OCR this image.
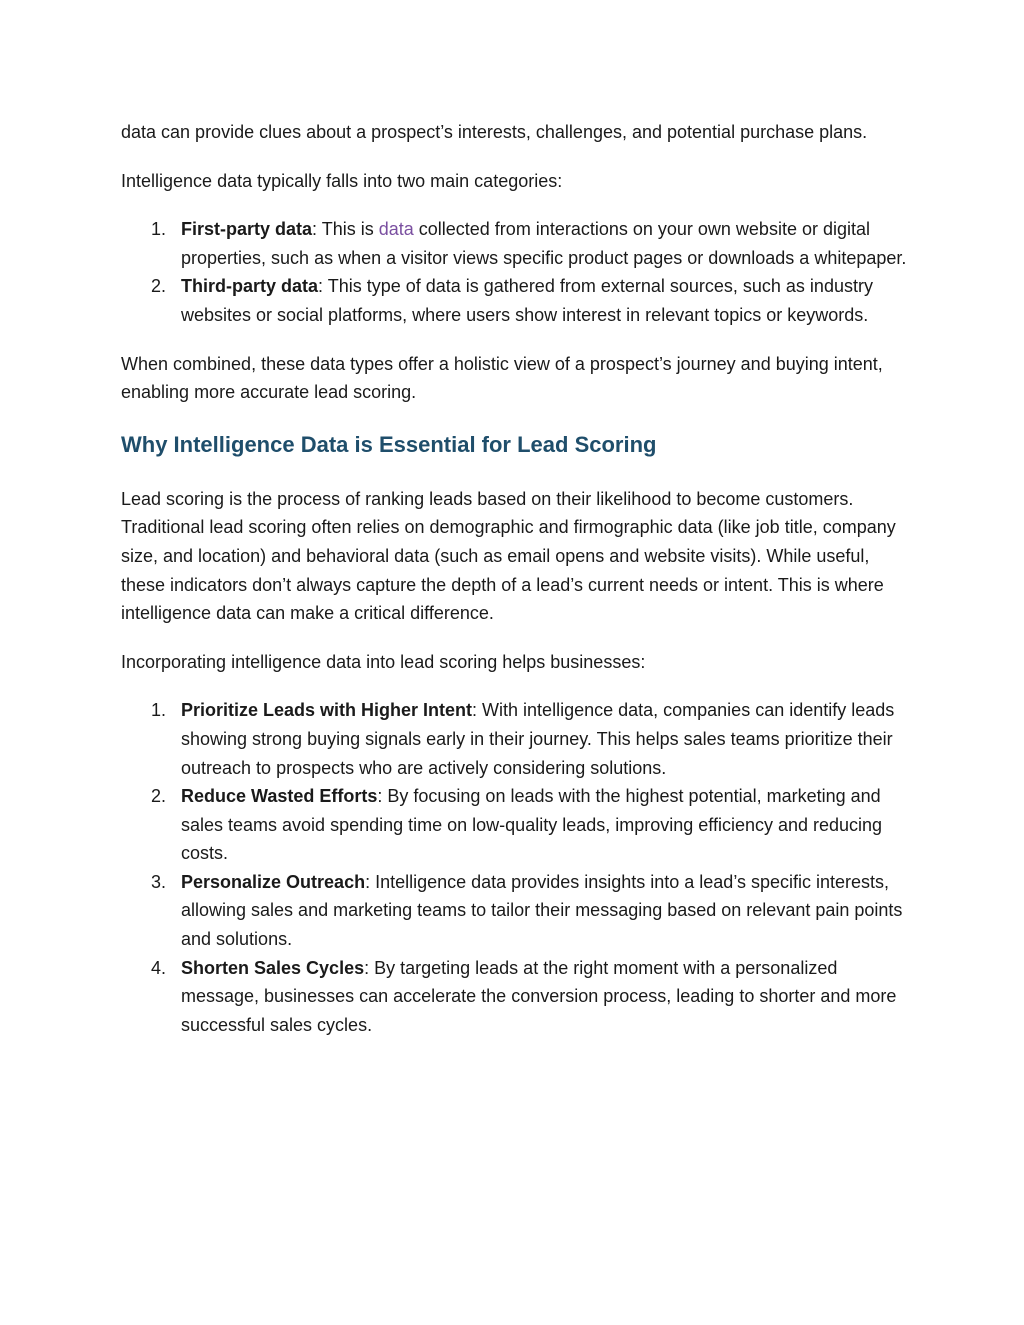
data can provide clues about a prospect’s interests, challenges, and potential purchase plans.

Intelligence data typically falls into two main categories:

1. First-party data: This is data collected from interactions on your own website or digital properties, such as when a visitor views specific product pages or downloads a whitepaper.
2. Third-party data: This type of data is gathered from external sources, such as industry websites or social platforms, where users show interest in relevant topics or keywords.

When combined, these data types offer a holistic view of a prospect’s journey and buying intent, enabling more accurate lead scoring.

Why Intelligence Data is Essential for Lead Scoring

Lead scoring is the process of ranking leads based on their likelihood to become customers. Traditional lead scoring often relies on demographic and firmographic data (like job title, company size, and location) and behavioral data (such as email opens and website visits). While useful, these indicators don’t always capture the depth of a lead’s current needs or intent. This is where intelligence data can make a critical difference.

Incorporating intelligence data into lead scoring helps businesses:

1. Prioritize Leads with Higher Intent: With intelligence data, companies can identify leads showing strong buying signals early in their journey. This helps sales teams prioritize their outreach to prospects who are actively considering solutions.
2. Reduce Wasted Efforts: By focusing on leads with the highest potential, marketing and sales teams avoid spending time on low-quality leads, improving efficiency and reducing costs.
3. Personalize Outreach: Intelligence data provides insights into a lead’s specific interests, allowing sales and marketing teams to tailor their messaging based on relevant pain points and solutions.
4. Shorten Sales Cycles: By targeting leads at the right moment with a personalized message, businesses can accelerate the conversion process, leading to shorter and more successful sales cycles.
